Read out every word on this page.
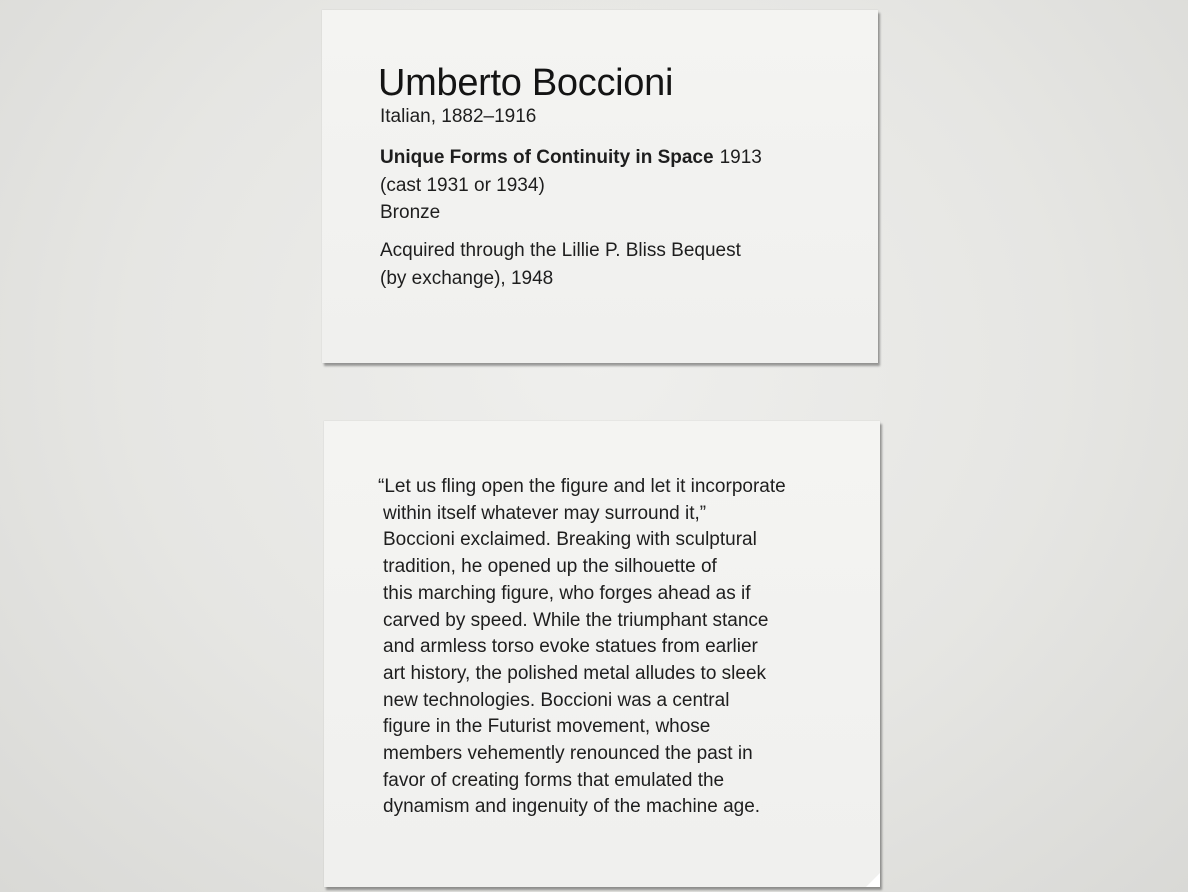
Umberto Boccioni
Italian, 1882–1916
Unique Forms of Continuity in Space 1913
(cast 1931 or 1934)
Bronze
Acquired through the Lillie P. Bliss Bequest
(by exchange), 1948
“Let us fling open the figure and let it incorporate
within itself whatever may surround it,”
Boccioni exclaimed. Breaking with sculptural
tradition, he opened up the silhouette of
this marching figure, who forges ahead as if
carved by speed. While the triumphant stance
and armless torso evoke statues from earlier
art history, the polished metal alludes to sleek
new technologies. Boccioni was a central
figure in the Futurist movement, whose
members vehemently renounced the past in
favor of creating forms that emulated the
dynamism and ingenuity of the machine age.
